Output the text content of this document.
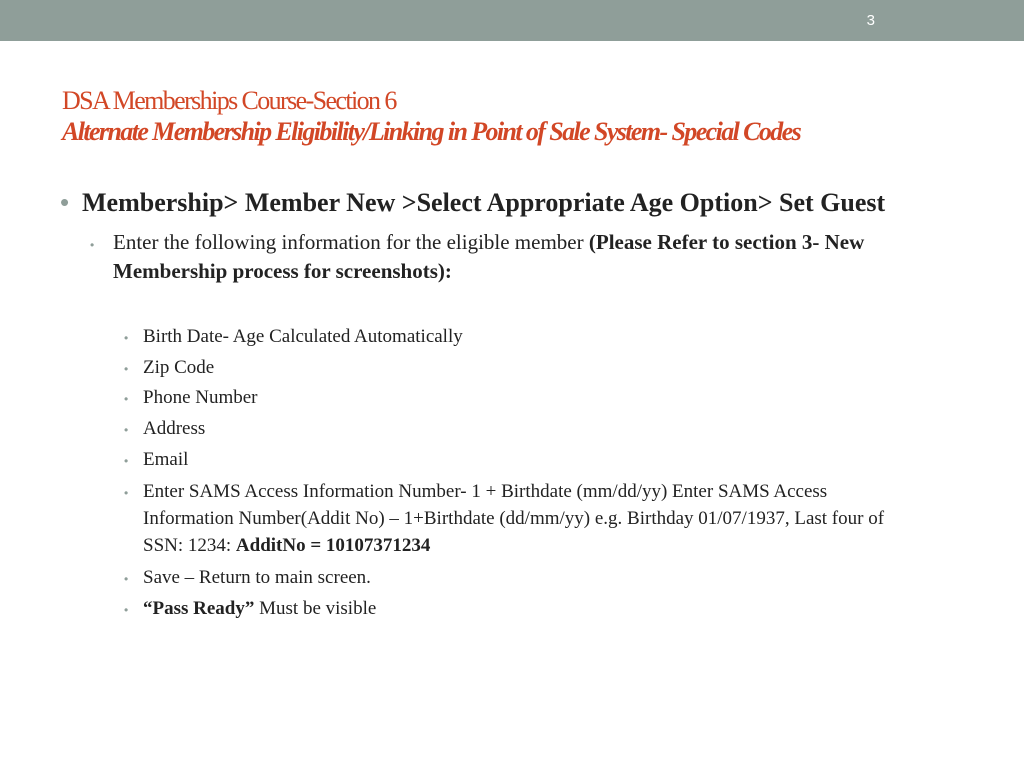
3
DSA Memberships Course-Section 6
Alternate Membership Eligibility/Linking in Point of Sale System- Special Codes
• Membership> Member New >Select Appropriate Age Option> Set Guest
• Enter the following information for the eligible member (Please Refer to section 3- New Membership process for screenshots):
• Birth Date- Age Calculated Automatically
• Zip Code
• Phone Number
• Address
• Email
• Enter SAMS Access Information Number- 1 + Birthdate (mm/dd/yy) Enter SAMS Access Information Number(Addit No) – 1+Birthdate (dd/mm/yy) e.g. Birthday 01/07/1937, Last four of SSN: 1234: AdditNo = 10107371234
• Save – Return to main screen.
• “Pass Ready” Must be visible
